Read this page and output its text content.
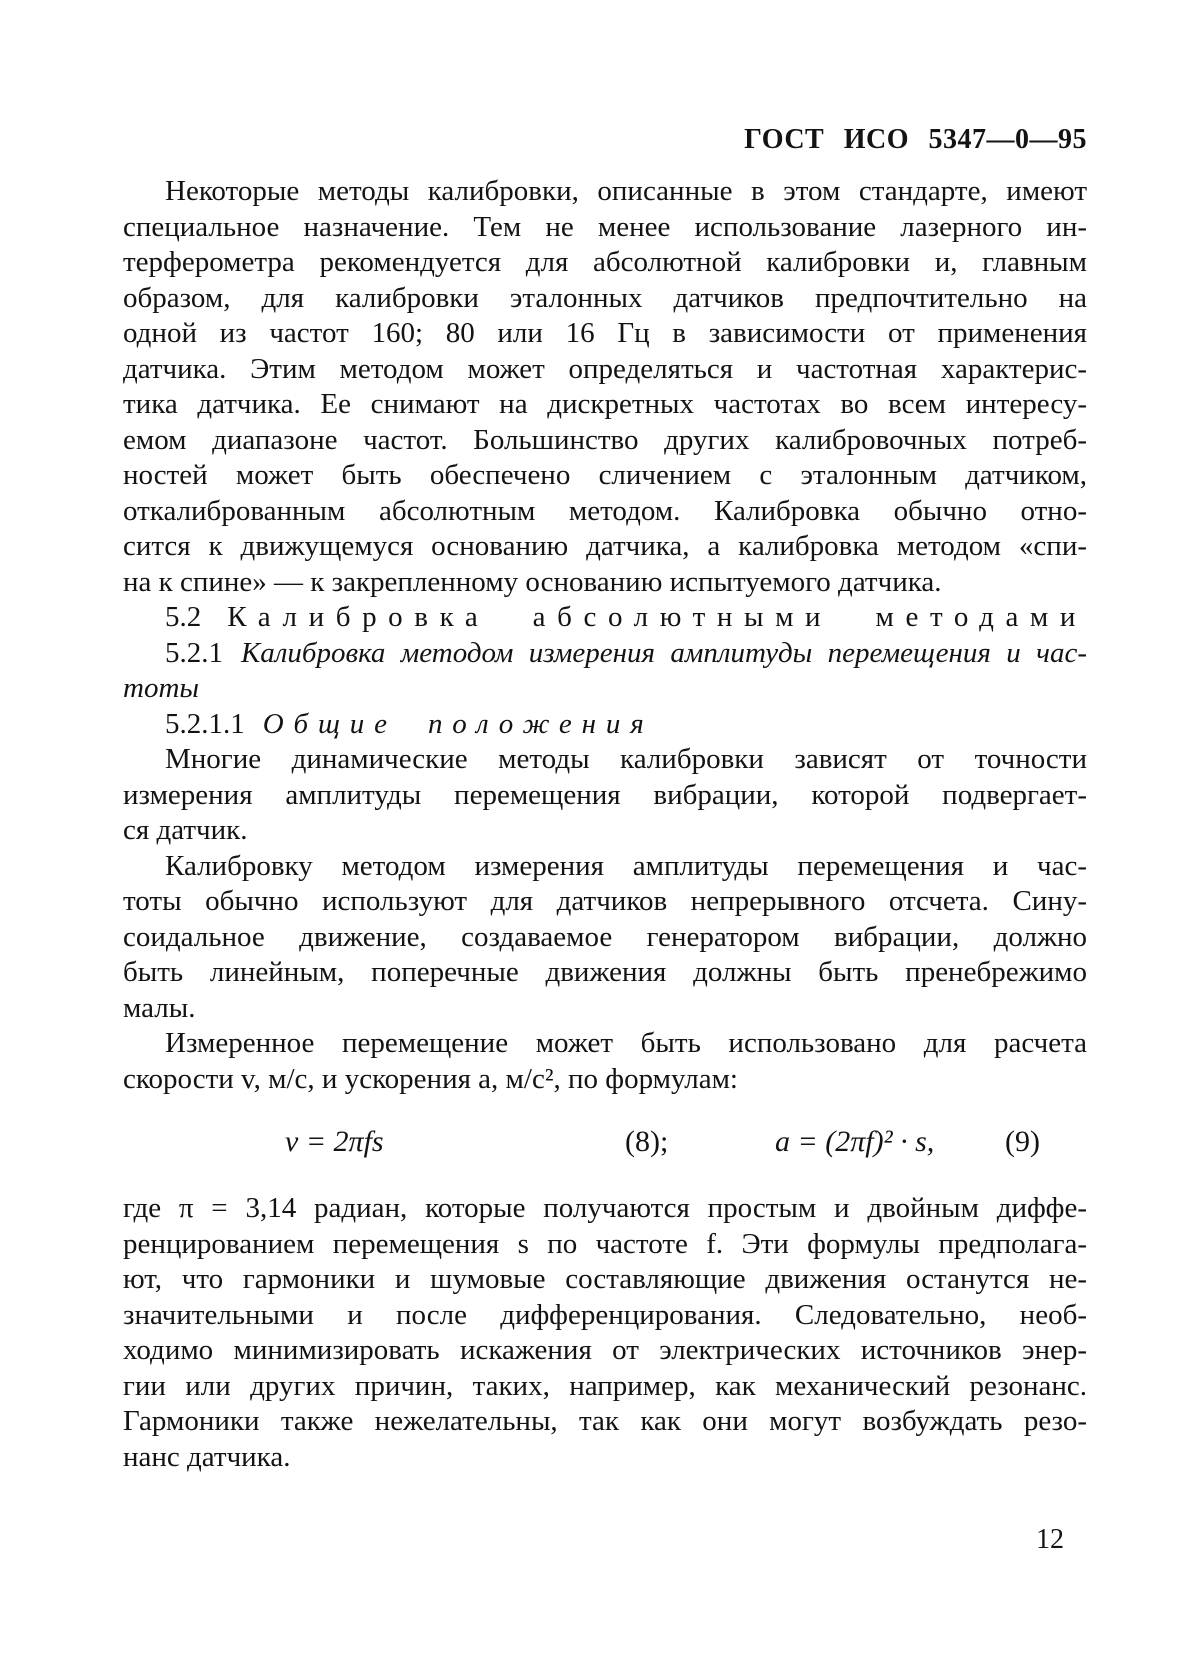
ГОСТ ИСО 5347—0—95
Некоторые методы калибровки, описанные в этом стандарте, имеют
специальное назначение. Тем не менее использование лазерного ин-
терферометра рекомендуется для абсолютной калибровки и, главным
образом, для калибровки эталонных датчиков предпочтительно на
одной из частот 160; 80 или 16 Гц в зависимости от применения
датчика. Этим методом может определяться и частотная характерис-
тика датчика. Ее снимают на дискретных частотах во всем интересу-
емом диапазоне частот. Большинство других калибровочных потреб-
ностей может быть обеспечено сличением с эталонным датчиком,
откалиброванным абсолютным методом. Калибровка обычно отно-
сится к движущемуся основанию датчика, а калибровка методом «спи-
на к спине» — к закрепленному основанию испытуемого датчика.
5.2 Калибровка абсолютными методами
5.2.1 Калибровка методом измерения амплитуды перемещения и час-
тоты
5.2.1.1 Общие положения
Многие динамические методы калибровки зависят от точности
измерения амплитуды перемещения вибрации, которой подвергает-
ся датчик.
Калибровку методом измерения амплитуды перемещения и час-
тоты обычно используют для датчиков непрерывного отсчета. Сину-
соидальное движение, создаваемое генератором вибрации, должно
быть линейным, поперечные движения должны быть пренебрежимо
малы.
Измеренное перемещение может быть использовано для расчета
скорости v, м/с, и ускорения a, м/с², по формулам:
v = 2πfs	(8);	a = (2πf)² · s, (9)
где π = 3,14 радиан, которые получаются простым и двойным диффе-
ренцированием перемещения s по частоте f. Эти формулы предполага-
ют, что гармоники и шумовые составляющие движения останутся не-
значительными и после дифференцирования. Следовательно, необ-
ходимо минимизировать искажения от электрических источников энер-
гии или других причин, таких, например, как механический резонанс.
Гармоники также нежелательны, так как они могут возбуждать резо-
нанс датчика.
12
